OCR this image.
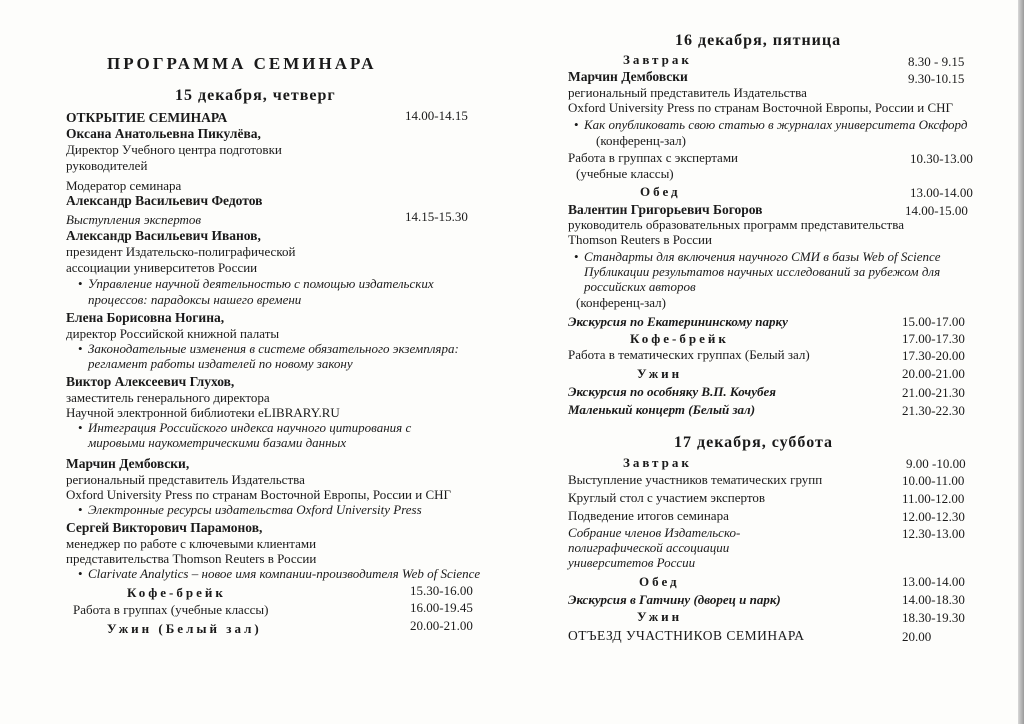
ПРОГРАММА СЕМИНАРА
15 декабря, четверг
ОТКРЫТИЕ СЕМИНАРА	14.00-14.15
Оксана Анатольевна Пикулёва,
Директор Учебного центра подготовки
руководителей
Модератор семинара
Александр Васильевич Федотов
Выступления экспертов	14.15-15.30
Александр Васильевич Иванов,
президент Издательско-полиграфической
ассоциации университетов России
• Управление научной деятельностью с помощью издательских
процессов: парадоксы нашего времени
Елена Борисовна Ногина,
директор Российской книжной палаты
• Законодательные изменения в системе обязательного экземпляра:
регламент работы издателей по новому закону
Виктор Алексеевич Глухов,
заместитель генерального директора
Научной электронной библиотеки eLIBRARY.RU
• Интеграция Российского индекса научного цитирования с
мировыми наукометрическими базами данных
Марчин Дембовски,
региональный представитель Издательства
Oxford University Press по странам Восточной Европы, России и СНГ
• Электронные ресурсы издательства Oxford University Press
Сергей Викторович Парамонов,
менеджер по работе с ключевыми клиентами
представительства Thomson Reuters в России
• Clarivate Analytics – новое имя компании-производителя Web of Science
Кофе-брейк	15.30-16.00
Работа в группах (учебные классы)	16.00-19.45
Ужин (Белый зал)	20.00-21.00
16 декабря, пятница
Завтрак	8.30 - 9.15
Марчин Дембовски	9.30-10.15
региональный представитель Издательства
Oxford University Press по странам Восточной Европы, России и СНГ
• Как опубликовать свою статью в журналах университета Оксфорд
(конференц-зал)
Работа в группах с экспертами	10.30-13.00
(учебные классы)
Обед	13.00-14.00
Валентин Григорьевич Богоров	14.00-15.00
руководитель образовательных программ представительства
Thomson Reuters в России
• Стандарты для включения научного СМИ в базы Web of Science
Публикации результатов научных исследований за рубежом для
российских авторов
(конференц-зал)
Экскурсия по Екатерининскому парку	15.00-17.00
Кофе-брейк	17.00-17.30
Работа в тематических группах (Белый зал)	17.30-20.00
Ужин	20.00-21.00
Экскурсия по особняку В.П. Кочубея	21.00-21.30
Маленький концерт (Белый зал)	21.30-22.30
17 декабря, суббота
Завтрак	9.00 -10.00
Выступление участников тематических групп	10.00-11.00
Круглый стол с участием экспертов	11.00-12.00
Подведение итогов семинара	12.00-12.30
Собрание членов Издательско-	12.30-13.00
полиграфической ассоциации
университетов России
Обед	13.00-14.00
Экскурсия в Гатчину (дворец и парк)	14.00-18.30
Ужин	18.30-19.30
ОТЪЕЗД УЧАСТНИКОВ СЕМИНАРА	20.00
